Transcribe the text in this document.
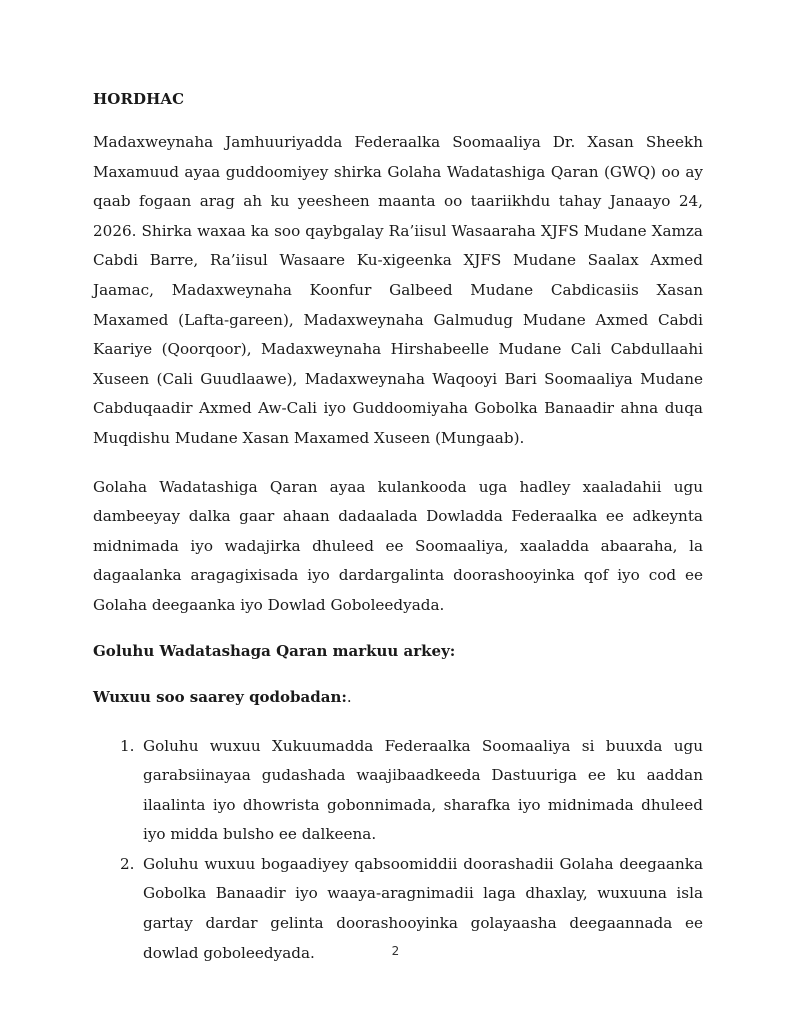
HORDHAC

Madaxweynaha Jamhuuriyadda Federaalka Soomaaliya Dr. Xasan Sheekh Maxamuud ayaa guddoomiyey shirka Golaha Wadatashiga Qaran (GWQ) oo ay qaab fogaan arag ah ku yeesheen maanta oo taariikhdu tahay Janaayo 24, 2026. Shirka waxaa ka soo qaybgalay Ra’iisul Wasaaraha XJFS Mudane Xamza Cabdi Barre, Ra’iisul Wasaare Ku-xigeenka XJFS Mudane Saalax Axmed Jaamac, Madaxweynaha Koonfur Galbeed Mudane Cabdicasiis Xasan Maxamed (Lafta-gareen), Madaxweynaha Galmudug Mudane Axmed Cabdi Kaariye (Qoorqoor), Madaxweynaha Hirshabeelle Mudane Cali Cabdullaahi Xuseen (Cali Guudlaawe), Madaxweynaha Waqooyi Bari Soomaaliya Mudane Cabduqaadir Axmed Aw-Cali iyo Guddoomiyaha Gobolka Banaadir ahna duqa Muqdishu Mudane Xasan Maxamed Xuseen (Mungaab).

Golaha Wadatashiga Qaran ayaa kulankooda uga hadley xaaladahii ugu dambeeyay dalka gaar ahaan dadaalada Dowladda Federaalka ee adkeynta midnimada iyo wadajirka dhuleed ee Soomaaliya, xaaladda abaaraha, la dagaalanka aragagixisada iyo dardargalinta doorashooyinka qof iyo cod ee Golaha deegaanka iyo Dowlad Goboleedyada.

Goluhu Wadatashaga Qaran markuu arkey:
Wuxuu soo saarey qodobadan:.
1. Goluhu wuxuu Xukuumadda Federaalka Soomaaliya si buuxda ugu garabsiinayaa gudashada waajibaadkeeda Dastuuriga ee ku aaddan ilaalinta iyo dhowrista gobonnimada, sharafka iyo midnimada dhuleed iyo midda bulsho ee dalkeena.
2. Goluhu wuxuu bogaadiyey qabsoomiddii doorashadii Golaha deegaanka Gobolka Banaadir iyo waaya-aragnimadii laga dhaxlay, wuxuuna isla gartay dardar gelinta doorashooyinka golayaasha deegaannada ee dowlad goboleedyada.	2
